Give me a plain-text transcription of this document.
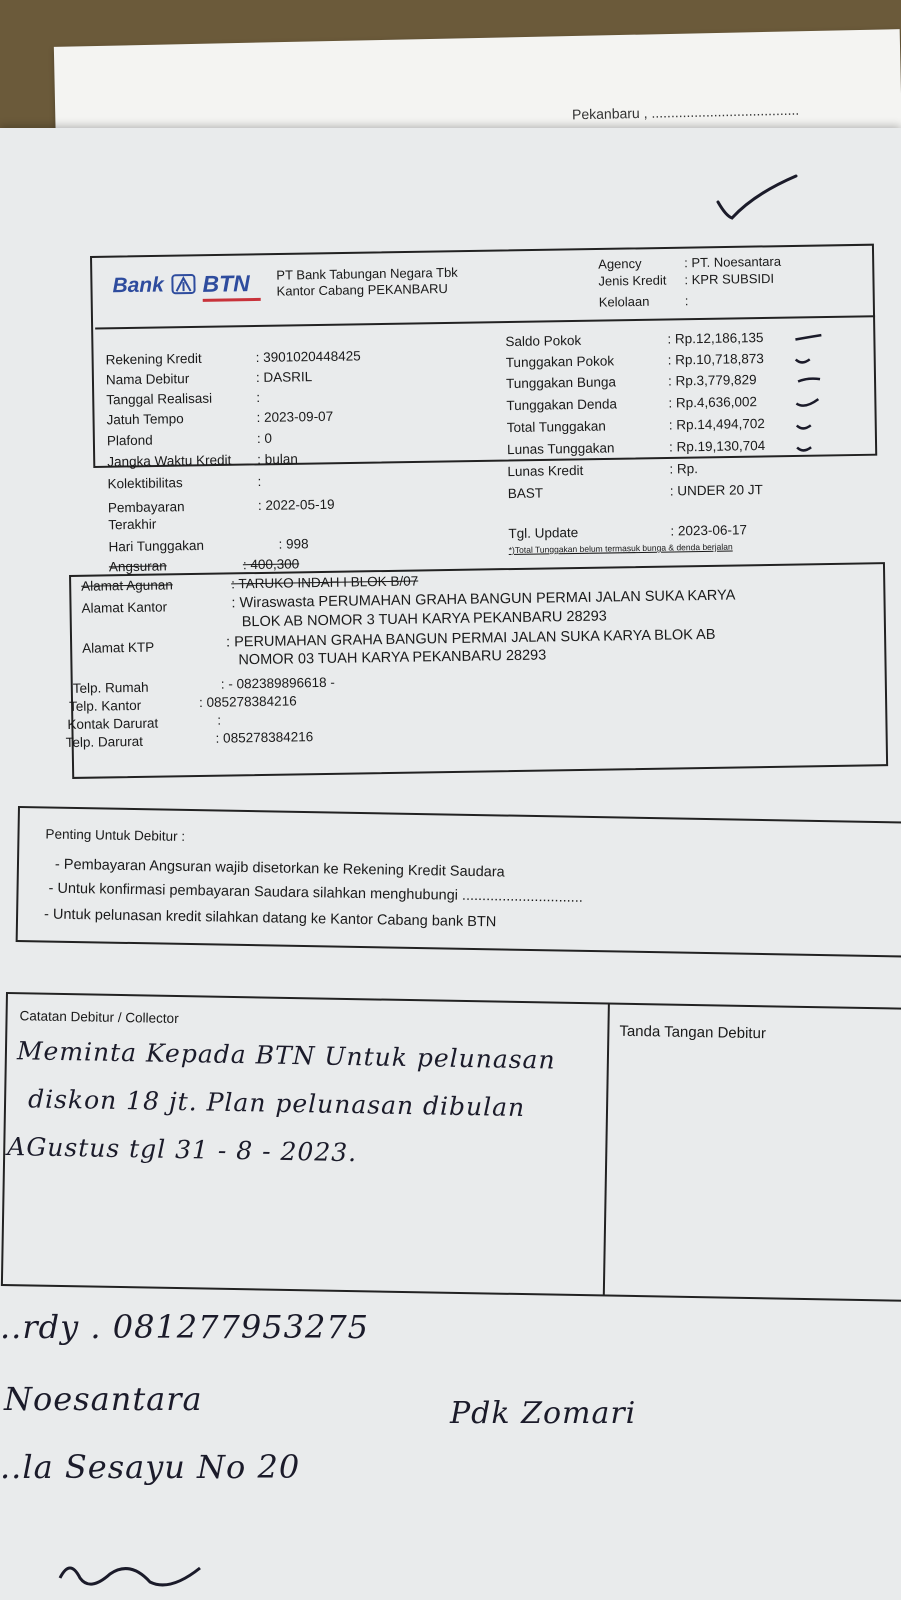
Pekanbaru , ......................................
Bank BTN PT Bank Tabungan Negara Tbk
Kantor Cabang PEKANBARU
Agency	: PT. Noesantara
Jenis Kredit : KPR SUBSIDI
Kelolaan	:
Rekening Kredit	: 3901020448425
Nama Debitur	: DASRIL
Tanggal Realisasi	:
Jatuh Tempo	: 2023-09-07
Plafond	: 0
Jangka Waktu Kredit : bulan
Kolektibilitas	:
Pembayaran	: 2022-05-19
Terakhir
Hari Tunggakan	: 998
Angsuran	: 400,300
Saldo Pokok	: Rp.12,186,135
Tunggakan Pokok	: Rp.10,718,873
Tunggakan Bunga	: Rp.3,779,829
Tunggakan Denda	: Rp.4,636,002
Total Tunggakan	: Rp.14,494,702
Lunas Tunggakan	: Rp.19,130,704
Lunas Kredit	: Rp.
BAST	: UNDER 20 JT
Tgl. Update	: 2023-06-17
*)Total Tunggakan belum termasuk bunga & denda berjalan
Alamat Agunan	: TARUKO INDAH I BLOK B/07
Alamat Kantor	: Wiraswasta PERUMAHAN GRAHA BANGUN PERMAI JALAN SUKA KARYA
BLOK AB NOMOR 3 TUAH KARYA PEKANBARU 28293
Alamat KTP	: PERUMAHAN GRAHA BANGUN PERMAI JALAN SUKA KARYA BLOK AB
NOMOR 03 TUAH KARYA PEKANBARU 28293
Telp. Rumah	: - 082389896618 -
Telp. Kantor	: 085278384216
Kontak Darurat	:
Telp. Darurat	: 085278384216
Penting Untuk Debitur :
- Pembayaran Angsuran wajib disetorkan ke Rekening Kredit Saudara
- Untuk konfirmasi pembayaran Saudara silahkan menghubungi ..............................
- Untuk pelunasan kredit silahkan datang ke Kantor Cabang bank BTN
Catatan Debitur / Collector
Tanda Tangan Debitur
Meminta Kepada BTN Untuk pelunasan
diskon 18 jt. Plan pelunasan dibulan
AGustus tgl 31 - 8 - 2023.
..rdy . 081277953275
Noesantara
..la Sesayu No 20
Pdk Zomari
